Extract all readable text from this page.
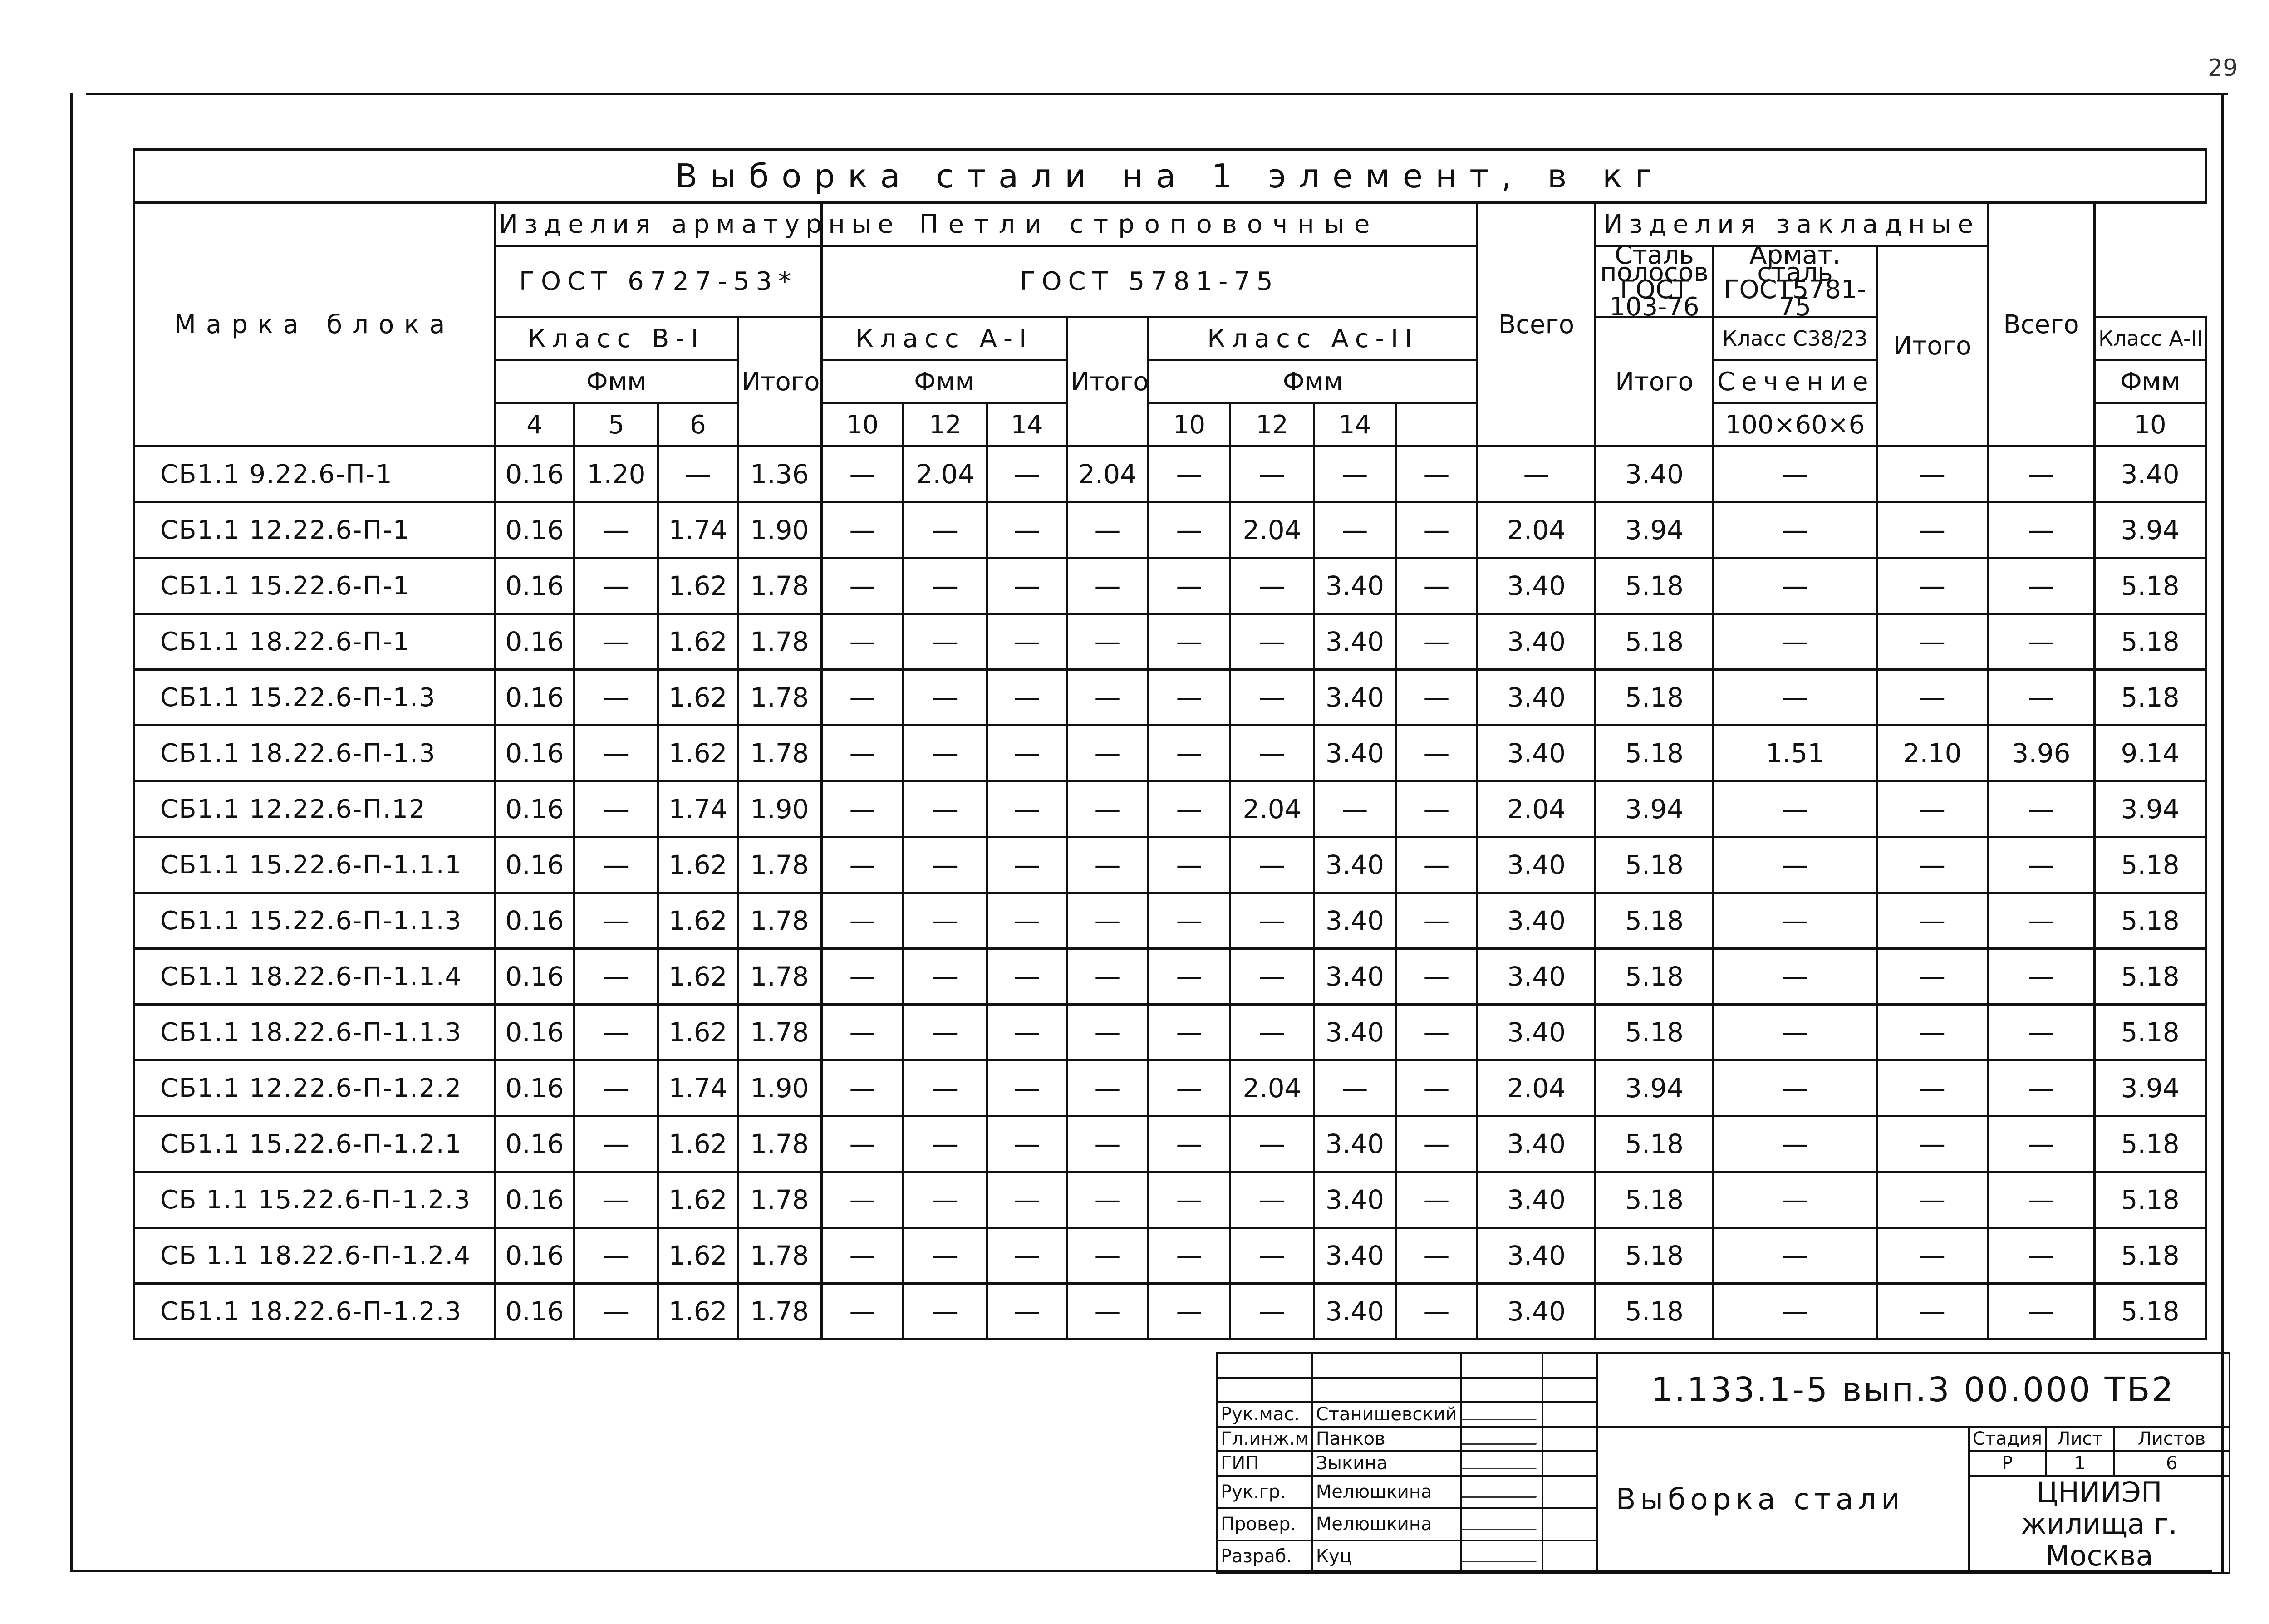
29
Выборка стали на 1 элемент, в кг																		
Марка блока	Изделия арматурные				Петли строповочные								Всего	Изделия закладные			Всего	
	ГОСТ 6727-53*				ГОСТ 5781-75									Сталь полосов ГОСТ 103-76	Армат. сталь ГОСТ5781-75	Итого		
	Класс В-I			Итого	Класс А-I			Итого	Класс Ас-II					Итого	Класс С38/23			Класс А-II
	Фмм				Фмм				Фмм						Сечение			Фмм
	4	5	6		10	12	14		10	12	14				100×60×6			10
СБ1.1 9.22.6-П-1	0.16	1.20	—	1.36	—	2.04	—	2.04	—	—	—	—	—	3.40	—	—	—	3.40
СБ1.1 12.22.6-П-1	0.16	—	1.74	1.90	—	—	—	—	—	2.04	—	—	2.04	3.94	—	—	—	3.94
СБ1.1 15.22.6-П-1	0.16	—	1.62	1.78	—	—	—	—	—	—	3.40	—	3.40	5.18	—	—	—	5.18
СБ1.1 18.22.6-П-1	0.16	—	1.62	1.78	—	—	—	—	—	—	3.40	—	3.40	5.18	—	—	—	5.18
СБ1.1 15.22.6-П-1.3	0.16	—	1.62	1.78	—	—	—	—	—	—	3.40	—	3.40	5.18	—	—	—	5.18
СБ1.1 18.22.6-П-1.3	0.16	—	1.62	1.78	—	—	—	—	—	—	3.40	—	3.40	5.18	1.51	2.10	3.96	9.14
СБ1.1 12.22.6-П.12	0.16	—	1.74	1.90	—	—	—	—	—	2.04	—	—	2.04	3.94	—	—	—	3.94
СБ1.1 15.22.6-П-1.1.1	0.16	—	1.62	1.78	—	—	—	—	—	—	3.40	—	3.40	5.18	—	—	—	5.18
СБ1.1 15.22.6-П-1.1.3	0.16	—	1.62	1.78	—	—	—	—	—	—	3.40	—	3.40	5.18	—	—	—	5.18
СБ1.1 18.22.6-П-1.1.4	0.16	—	1.62	1.78	—	—	—	—	—	—	3.40	—	3.40	5.18	—	—	—	5.18
СБ1.1 18.22.6-П-1.1.3	0.16	—	1.62	1.78	—	—	—	—	—	—	3.40	—	3.40	5.18	—	—	—	5.18
СБ1.1 12.22.6-П-1.2.2	0.16	—	1.74	1.90	—	—	—	—	—	2.04	—	—	2.04	3.94	—	—	—	3.94
СБ1.1 15.22.6-П-1.2.1	0.16	—	1.62	1.78	—	—	—	—	—	—	3.40	—	3.40	5.18	—	—	—	5.18
СБ 1.1 15.22.6-П-1.2.3	0.16	—	1.62	1.78	—	—	—	—	—	—	3.40	—	3.40	5.18	—	—	—	5.18
СБ 1.1 18.22.6-П-1.2.4	0.16	—	1.62	1.78	—	—	—	—	—	—	3.40	—	3.40	5.18	—	—	—	5.18
СБ1.1 18.22.6-П-1.2.3	0.16	—	1.62	1.78	—	—	—	—	—	—	3.40	—	3.40	5.18	—	—	—	5.18
				1.133.1-5 вып.3 00.000 ТБ2			

Рук.мас.	Станишевский						
Гл.инж.м	Панков			Выборка стали	Стадия	Лист	Листов
ГИП	Зыкина				Р	1	6
Рук.гр.	Мелюшкина				ЦНИИЭП жилища г. Москва		
Провер.	Мелюшкина						
Разраб.	Куц						
